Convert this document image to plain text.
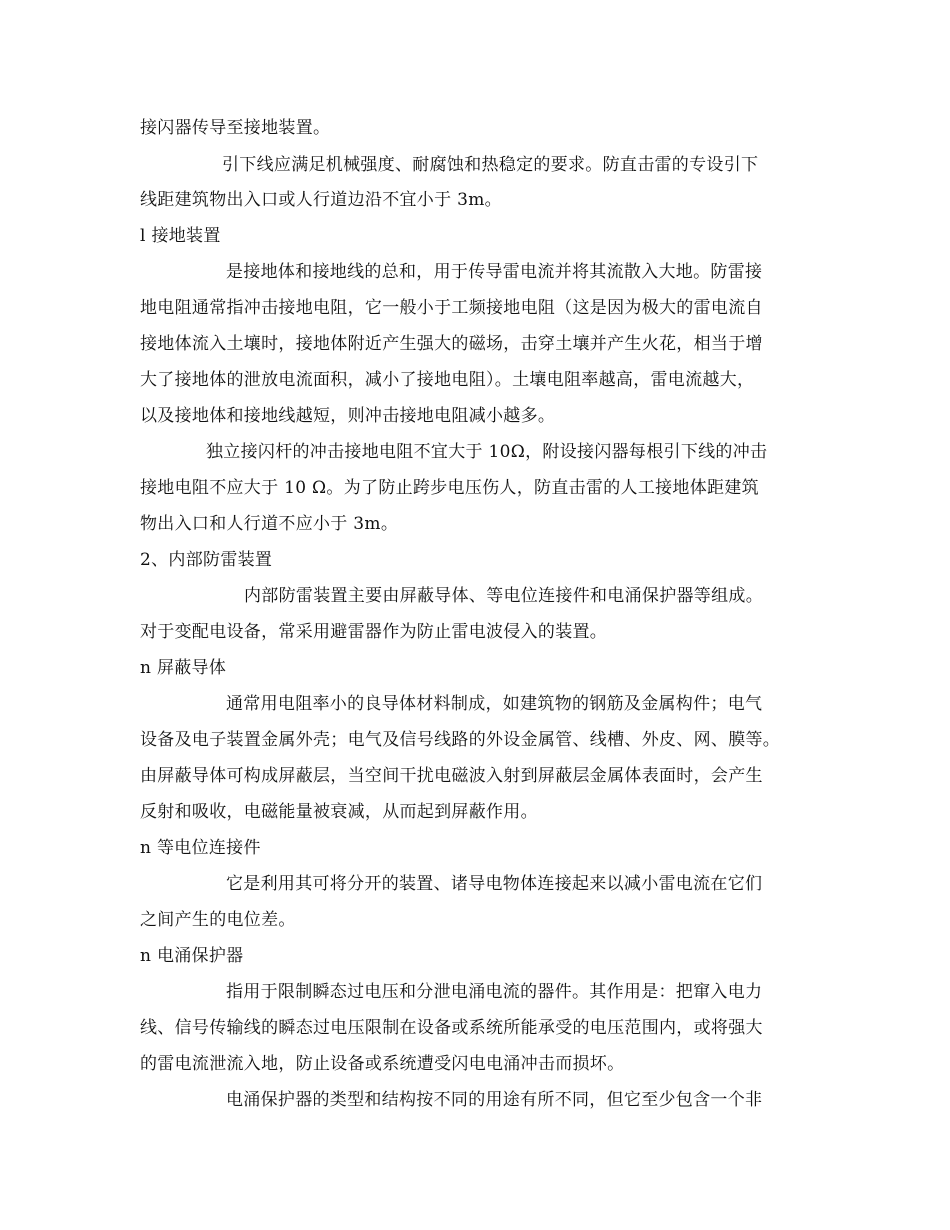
接闪器传导至接地装置。
引下线应满足机械强度、耐腐蚀和热稳定的要求。防直击雷的专设引下
线距建筑物出入口或人行道边沿不宜小于 3m。
l 接地装置
是接地体和接地线的总和，用于传导雷电流并将其流散入大地。防雷接
地电阻通常指冲击接地电阻，它一般小于工频接地电阻（这是因为极大的雷电流自
接地体流入土壤时，接地体附近产生强大的磁场，击穿土壤并产生火花，相当于增
大了接地体的泄放电流面积，减小了接地电阻）。土壤电阻率越高，雷电流越大，
以及接地体和接地线越短，则冲击接地电阻减小越多。
独立接闪杆的冲击接地电阻不宜大于 10Ω，附设接闪器每根引下线的冲击
接地电阻不应大于 10 Ω。为了防止跨步电压伤人，防直击雷的人工接地体距建筑
物出入口和人行道不应小于 3m。
2、内部防雷装置
内部防雷装置主要由屏蔽导体、等电位连接件和电涌保护器等组成。
对于变配电设备，常采用避雷器作为防止雷电波侵入的装置。
n 屏蔽导体
通常用电阻率小的良导体材料制成，如建筑物的钢筋及金属构件；电气
设备及电子装置金属外壳；电气及信号线路的外设金属管、线槽、外皮、网、膜等。
由屏蔽导体可构成屏蔽层，当空间干扰电磁波入射到屏蔽层金属体表面时，会产生
反射和吸收，电磁能量被衰减，从而起到屏蔽作用。
n 等电位连接件
它是利用其可将分开的装置、诸导电物体连接起来以减小雷电流在它们
之间产生的电位差。
n 电涌保护器
指用于限制瞬态过电压和分泄电涌电流的器件。其作用是：把窜入电力
线、信号传输线的瞬态过电压限制在设备或系统所能承受的电压范围内，或将强大
的雷电流泄流入地，防止设备或系统遭受闪电电涌冲击而损坏。
电涌保护器的类型和结构按不同的用途有所不同，但它至少包含一个非
